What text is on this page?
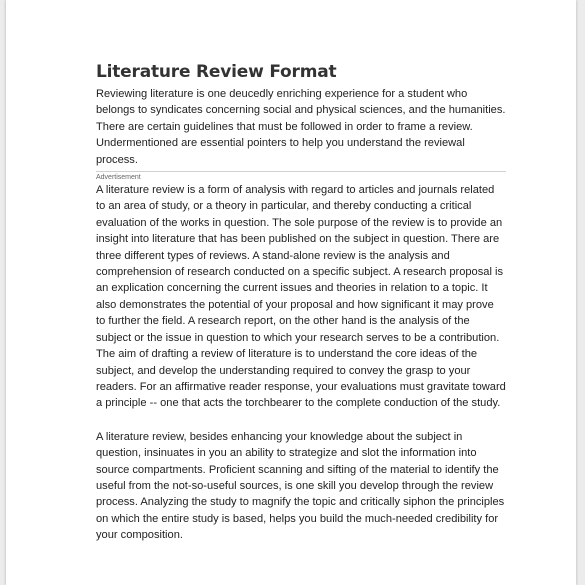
Literature Review Format

Reviewing literature is one deucedly enriching experience for a student who belongs to syndicates concerning social and physical sciences, and the humanities. There are certain guidelines that must be followed in order to frame a review. Undermentioned are essential pointers to help you understand the reviewal process.

Advertisement

A literature review is a form of analysis with regard to articles and journals related to an area of study, or a theory in particular, and thereby conducting a critical evaluation of the works in question. The sole purpose of the review is to provide an insight into literature that has been published on the subject in question. There are three different types of reviews. A stand-alone review is the analysis and comprehension of research conducted on a specific subject. A research proposal is an explication concerning the current issues and theories in relation to a topic. It also demonstrates the potential of your proposal and how significant it may prove to further the field. A research report, on the other hand is the analysis of the subject or the issue in question to which your research serves to be a contribution. The aim of drafting a review of literature is to understand the core ideas of the subject, and develop the understanding required to convey the grasp to your readers. For an affirmative reader response, your evaluations must gravitate toward a principle -- one that acts the torchbearer to the complete conduction of the study.

A literature review, besides enhancing your knowledge about the subject in question, insinuates in you an ability to strategize and slot the information into source compartments. Proficient scanning and sifting of the material to identify the useful from the not-so-useful sources, is one skill you develop through the review process. Analyzing the study to magnify the topic and critically siphon the principles on which the entire study is based, helps you build the much-needed credibility for your composition.
